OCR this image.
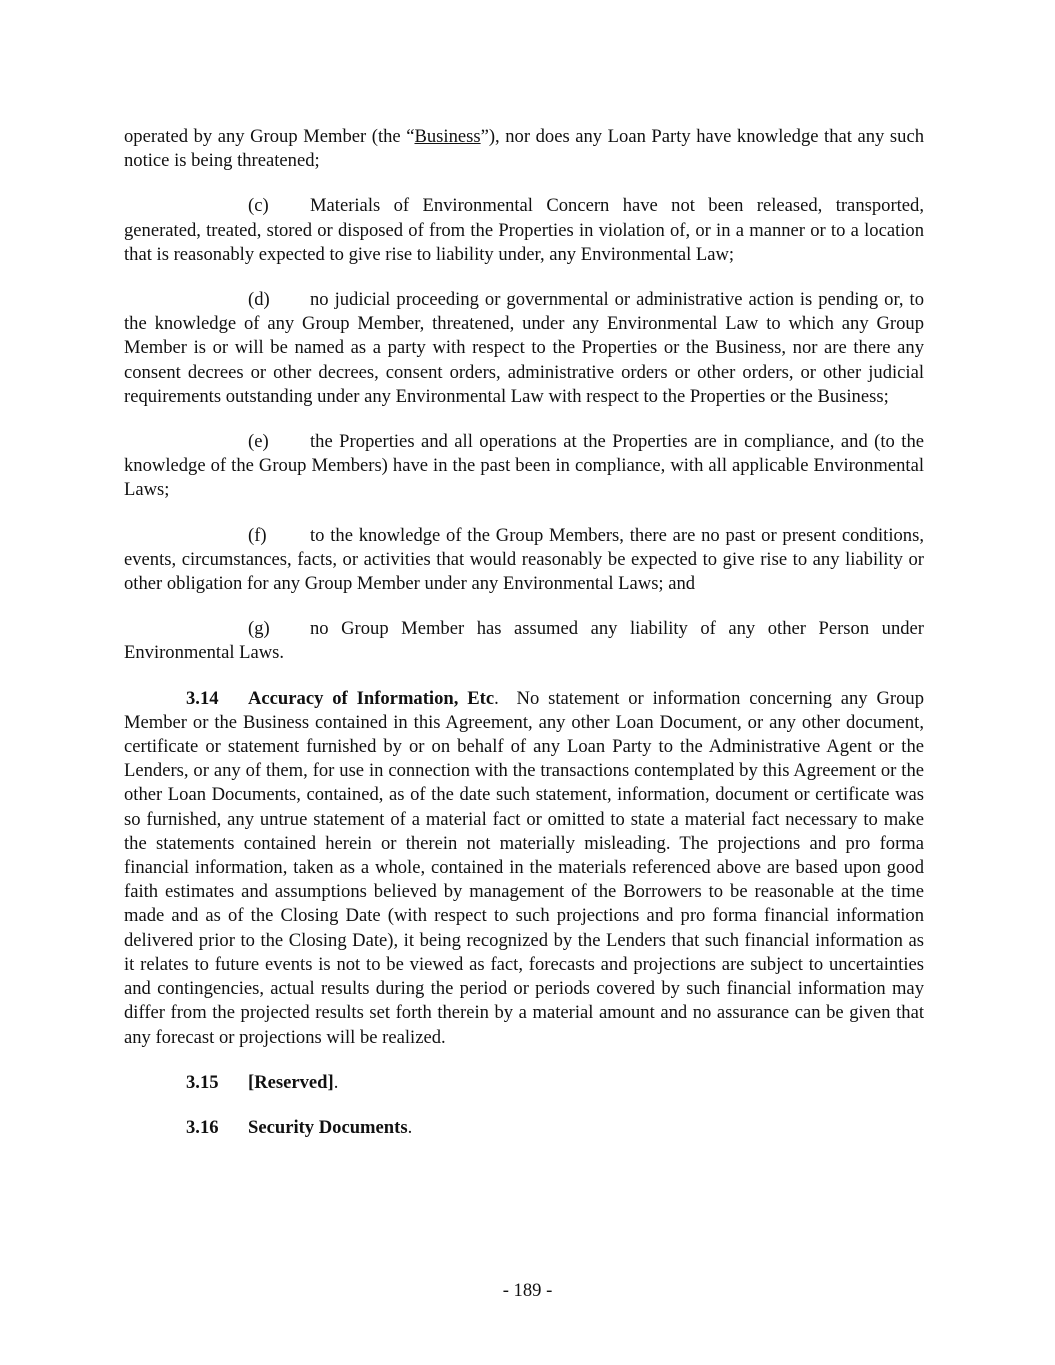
operated by any Group Member (the “Business”), nor does any Loan Party have knowledge that any such notice is being threatened;

(c) Materials of Environmental Concern have not been released, transported, generated, treated, stored or disposed of from the Properties in violation of, or in a manner or to a location that is reasonably expected to give rise to liability under, any Environmental Law;

(d) no judicial proceeding or governmental or administrative action is pending or, to the knowledge of any Group Member, threatened, under any Environmental Law to which any Group Member is or will be named as a party with respect to the Properties or the Business, nor are there any consent decrees or other decrees, consent orders, administrative orders or other orders, or other judicial requirements outstanding under any Environmental Law with respect to the Properties or the Business;

(e) the Properties and all operations at the Properties are in compliance, and (to the knowledge of the Group Members) have in the past been in compliance, with all applicable Environmental Laws;

(f) to the knowledge of the Group Members, there are no past or present conditions, events, circumstances, facts, or activities that would reasonably be expected to give rise to any liability or other obligation for any Group Member under any Environmental Laws; and

(g) no Group Member has assumed any liability of any other Person under Environmental Laws.

3.14 Accuracy of Information, Etc. No statement or information concerning any Group Member or the Business contained in this Agreement, any other Loan Document, or any other document, certificate or statement furnished by or on behalf of any Loan Party to the Administrative Agent or the Lenders, or any of them, for use in connection with the transactions contemplated by this Agreement or the other Loan Documents, contained, as of the date such statement, information, document or certificate was so furnished, any untrue statement of a material fact or omitted to state a material fact necessary to make the statements contained herein or therein not materially misleading. The projections and pro forma financial information, taken as a whole, contained in the materials referenced above are based upon good faith estimates and assumptions believed by management of the Borrowers to be reasonable at the time made and as of the Closing Date (with respect to such projections and pro forma financial information delivered prior to the Closing Date), it being recognized by the Lenders that such financial information as it relates to future events is not to be viewed as fact, forecasts and projections are subject to uncertainties and contingencies, actual results during the period or periods covered by such financial information may differ from the projected results set forth therein by a material amount and no assurance can be given that any forecast or projections will be realized.

3.15 [Reserved].

3.16 Security Documents.

- 189 -
